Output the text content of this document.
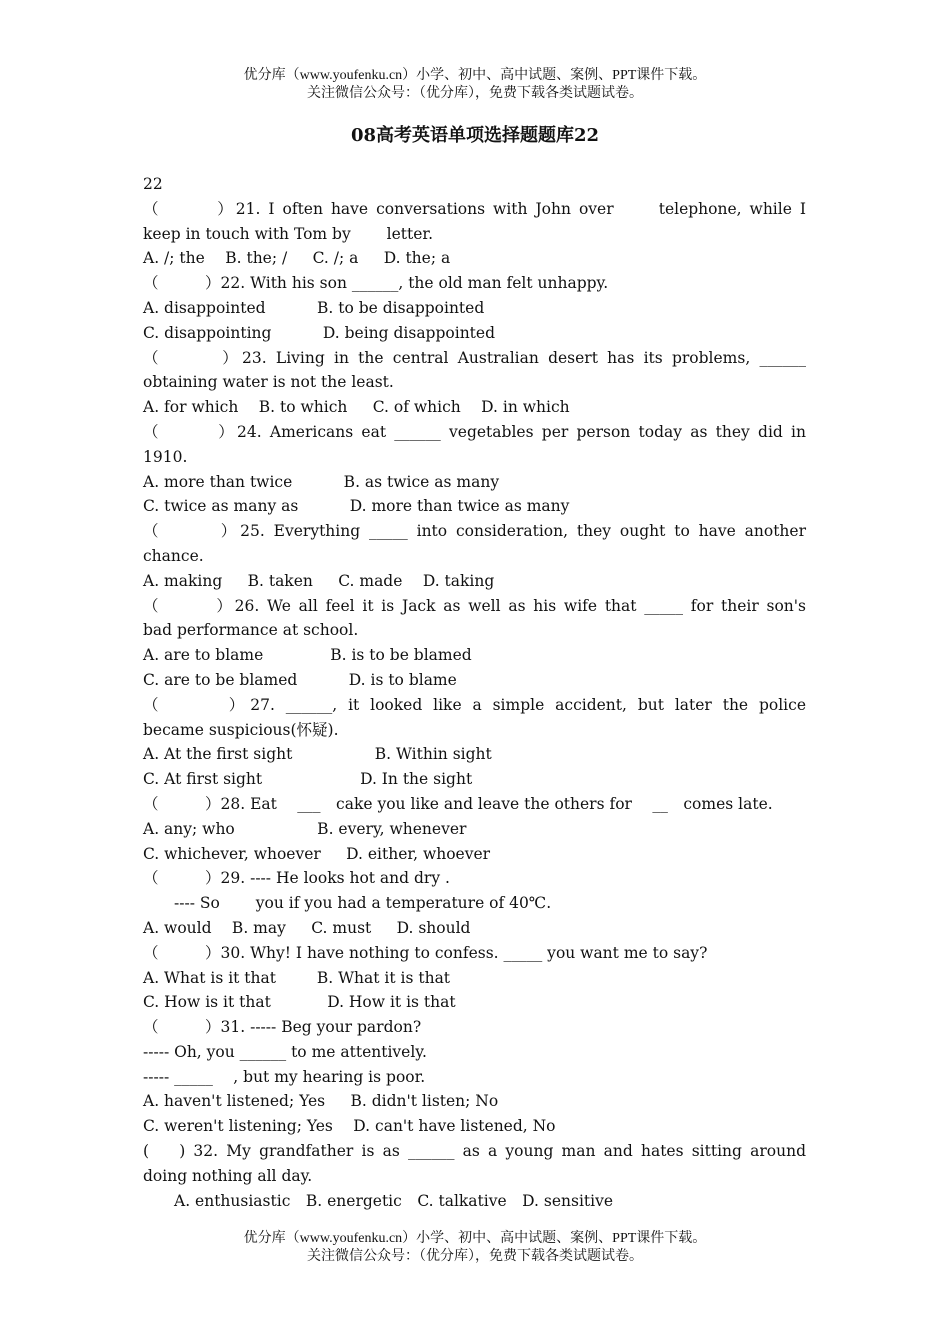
优分库（www.youfenku.cn）小学、初中、高中试题、案例、PPT课件下载。
关注微信公众号：（优分库），免费下载各类试题试卷。
08高考英语单项选择题题库22
22
（　　　）21. I often have conversations with John over 　　telephone, while I
keep in touch with Tom by 　　letter.
A. /; the 　B. the; / 　 C. /; a 　 D. the; a
（　　　）22. With his son ______, the old man felt unhappy.
A. disappointed 　　　B. to be disappointed
C. disappointing 　　　D. being disappointed
（　　　）23. Living in the central Australian desert has its problems, ______
obtaining water is not the least.
A. for which 　B. to which 　 C. of which 　D. in which
（　　　）24. Americans eat ______ vegetables per person today as they did in
1910.
A. more than twice 　　　B. as twice as many
C. twice as many as 　　　D. more than twice as many
（　　　）25. Everything _____ into consideration, they ought to have another
chance.
A. making 　 B. taken 　 C. made 　D. taking
（　　　）26. We all feel it is Jack as well as his wife that _____ for their son's
bad performance at school.
A. are to blame 　　　　B. is to be blamed
C. are to be blamed 　　　D. is to blame
（　　　）27. ______, it looked like a simple accident, but later the police
became suspicious(怀疑).
A. At the first sight 　　　　　B. Within sight
C. At first sight 　　　　　　D. In the sight
（　　　）28. Eat 　___　cake you like and leave the others for 　__　comes late.
A. any; who 　　　　　B. every, whenever
C. whichever, whoever 　 D. either, whoever
（　　　）29. ---- He looks hot and dry .
　　---- So 　　you if you had a temperature of 40℃.
A. would 　B. may 　 C. must 　 D. should
（　　　）30. Why! I have nothing to confess. _____ you want me to say?
A. What is it that 　　 B. What it is that
C. How is it that 　　　 D. How it is that
（　　　）31. ----- Beg your pardon?
----- Oh, you ______ to me attentively.
----- _____　 , but my hearing is poor.
A. haven't listened; Yes 　 B. didn't listen; No
C. weren't listening; Yes 　D. can't have listened, No
(　 ) 32. My grandfather is as ______ as a young man and hates sitting around
doing nothing all day.
　　A. enthusiastic　B. energetic　C. talkative　D. sensitive
优分库（www.youfenku.cn）小学、初中、高中试题、案例、PPT课件下载。
关注微信公众号：（优分库），免费下载各类试题试卷。
